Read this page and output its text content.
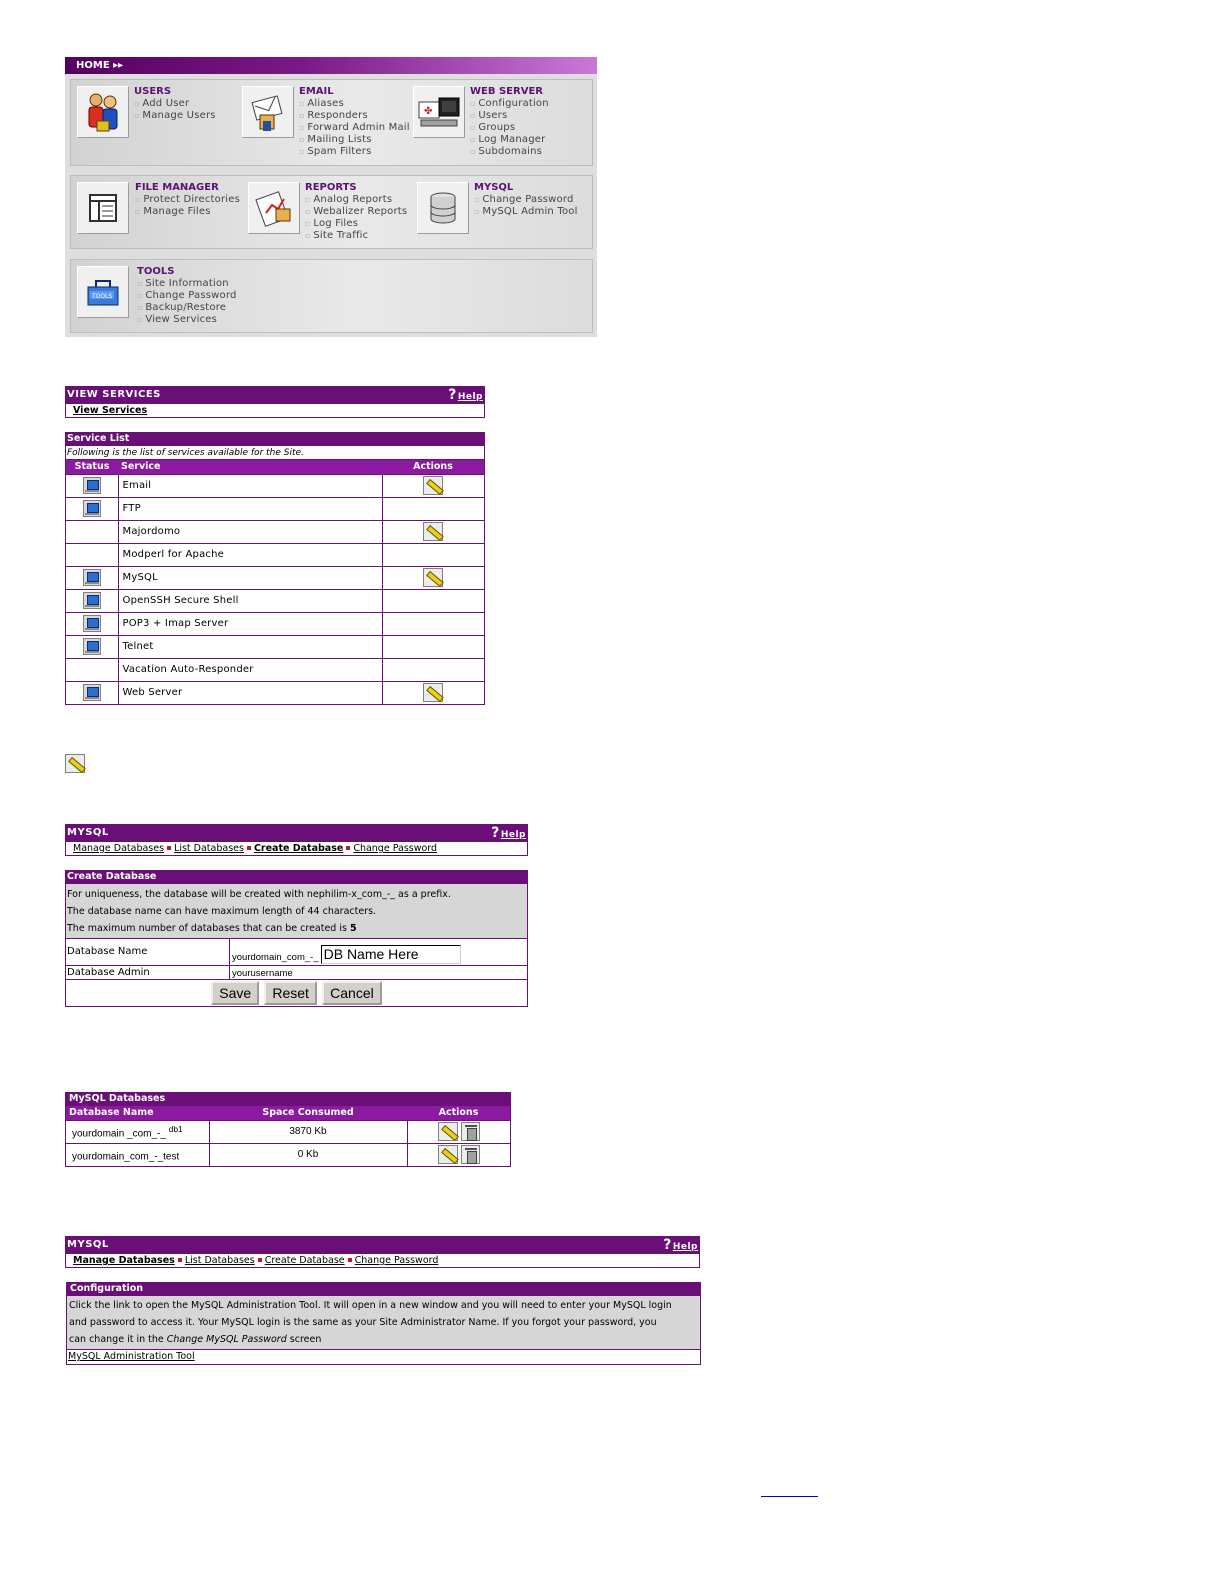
HOME ▸▸
USERS
▫ Add User
▫ Manage Users
EMAIL
▫ Aliases
▫ Responders
▫ Forward Admin Mail
▫ Mailing Lists
▫ Spam Filters
✤
WEB SERVER
▫ Configuration
▫ Users
▫ Groups
▫ Log Manager
▫ Subdomains
FILE MANAGER
▫ Protect Directories
▫ Manage Files
REPORTS
▫ Analog Reports
▫ Webalizer Reports
▫ Log Files
▫ Site Traffic
MYSQL
▫ Change Password
▫ MySQL Admin Tool
TOOLS
TOOLS
▫ Site Information
▫ Change Password
▫ Backup/Restore
▫ View Services
VIEW SERVICES	?Help
View Services
Service List
Following is the list of services available for the Site.
Status	Service	Actions
	Email	
	FTP	
	Majordomo	
	Modperl for Apache	
	MySQL	
	OpenSSH Secure Shell	
	POP3 + Imap Server	
	Telnet	
	Vacation Auto-Responder	
	Web Server	
MYSQL	?Help
Manage Databases List Databases Create Database Change Password
Create Database
For uniqueness, the database will be created with nephilim-x_com_-_ as a prefix.
The database name can have maximum length of 44 characters.
The maximum number of databases that can be created is 5
Database Name	yourdomain_com_-_
DB Name Here
Database Admin	yourusername
Save Reset Cancel
MySQL Databases
Database Name	Space Consumed	Actions
yourdomain _com_-_ $^{db1}$	3870 Kb	
yourdomain_com_-_test	0 Kb	
MYSQL	?Help
Manage Databases List Databases Create Database Change Password
Configuration
Click the link to open the MySQL Administration Tool. It will open in a new window and you will need to enter your MySQL login
and password to access it. Your MySQL login is the same as your Site Administrator Name. If you forgot your password, you
can change it in the Change MySQL Password screen
MySQL Administration Tool
